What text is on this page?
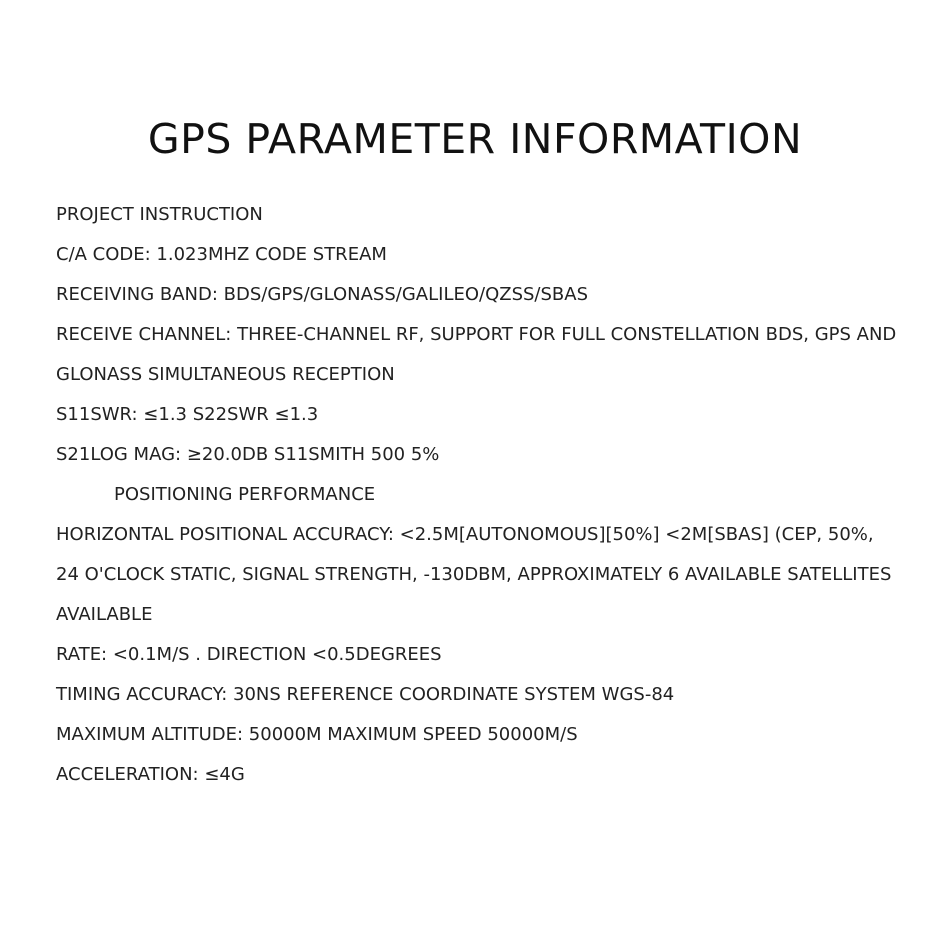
GPS PARAMETER INFORMATION
PROJECT INSTRUCTION
C/A CODE: 1.023MHZ CODE STREAM
RECEIVING BAND: BDS/GPS/GLONASS/GALILEO/QZSS/SBAS
RECEIVE CHANNEL: THREE-CHANNEL RF, SUPPORT FOR FULL CONSTELLATION BDS, GPS AND
GLONASS SIMULTANEOUS RECEPTION
S11SWR: ≤1.3 S22SWR ≤1.3
S21LOG MAG: ≥20.0DB S11SMITH 500 5%
POSITIONING PERFORMANCE
HORIZONTAL POSITIONAL ACCURACY: <2.5M[AUTONOMOUS][50%] <2M[SBAS] (CEP, 50%,
24 O'CLOCK STATIC, SIGNAL STRENGTH, -130DBM, APPROXIMATELY 6 AVAILABLE SATELLITES
AVAILABLE
RATE: <0.1M/S . DIRECTION <0.5DEGREES
TIMING ACCURACY: 30NS REFERENCE COORDINATE SYSTEM WGS-84
MAXIMUM ALTITUDE: 50000M MAXIMUM SPEED 50000M/S
ACCELERATION: ≤4G
